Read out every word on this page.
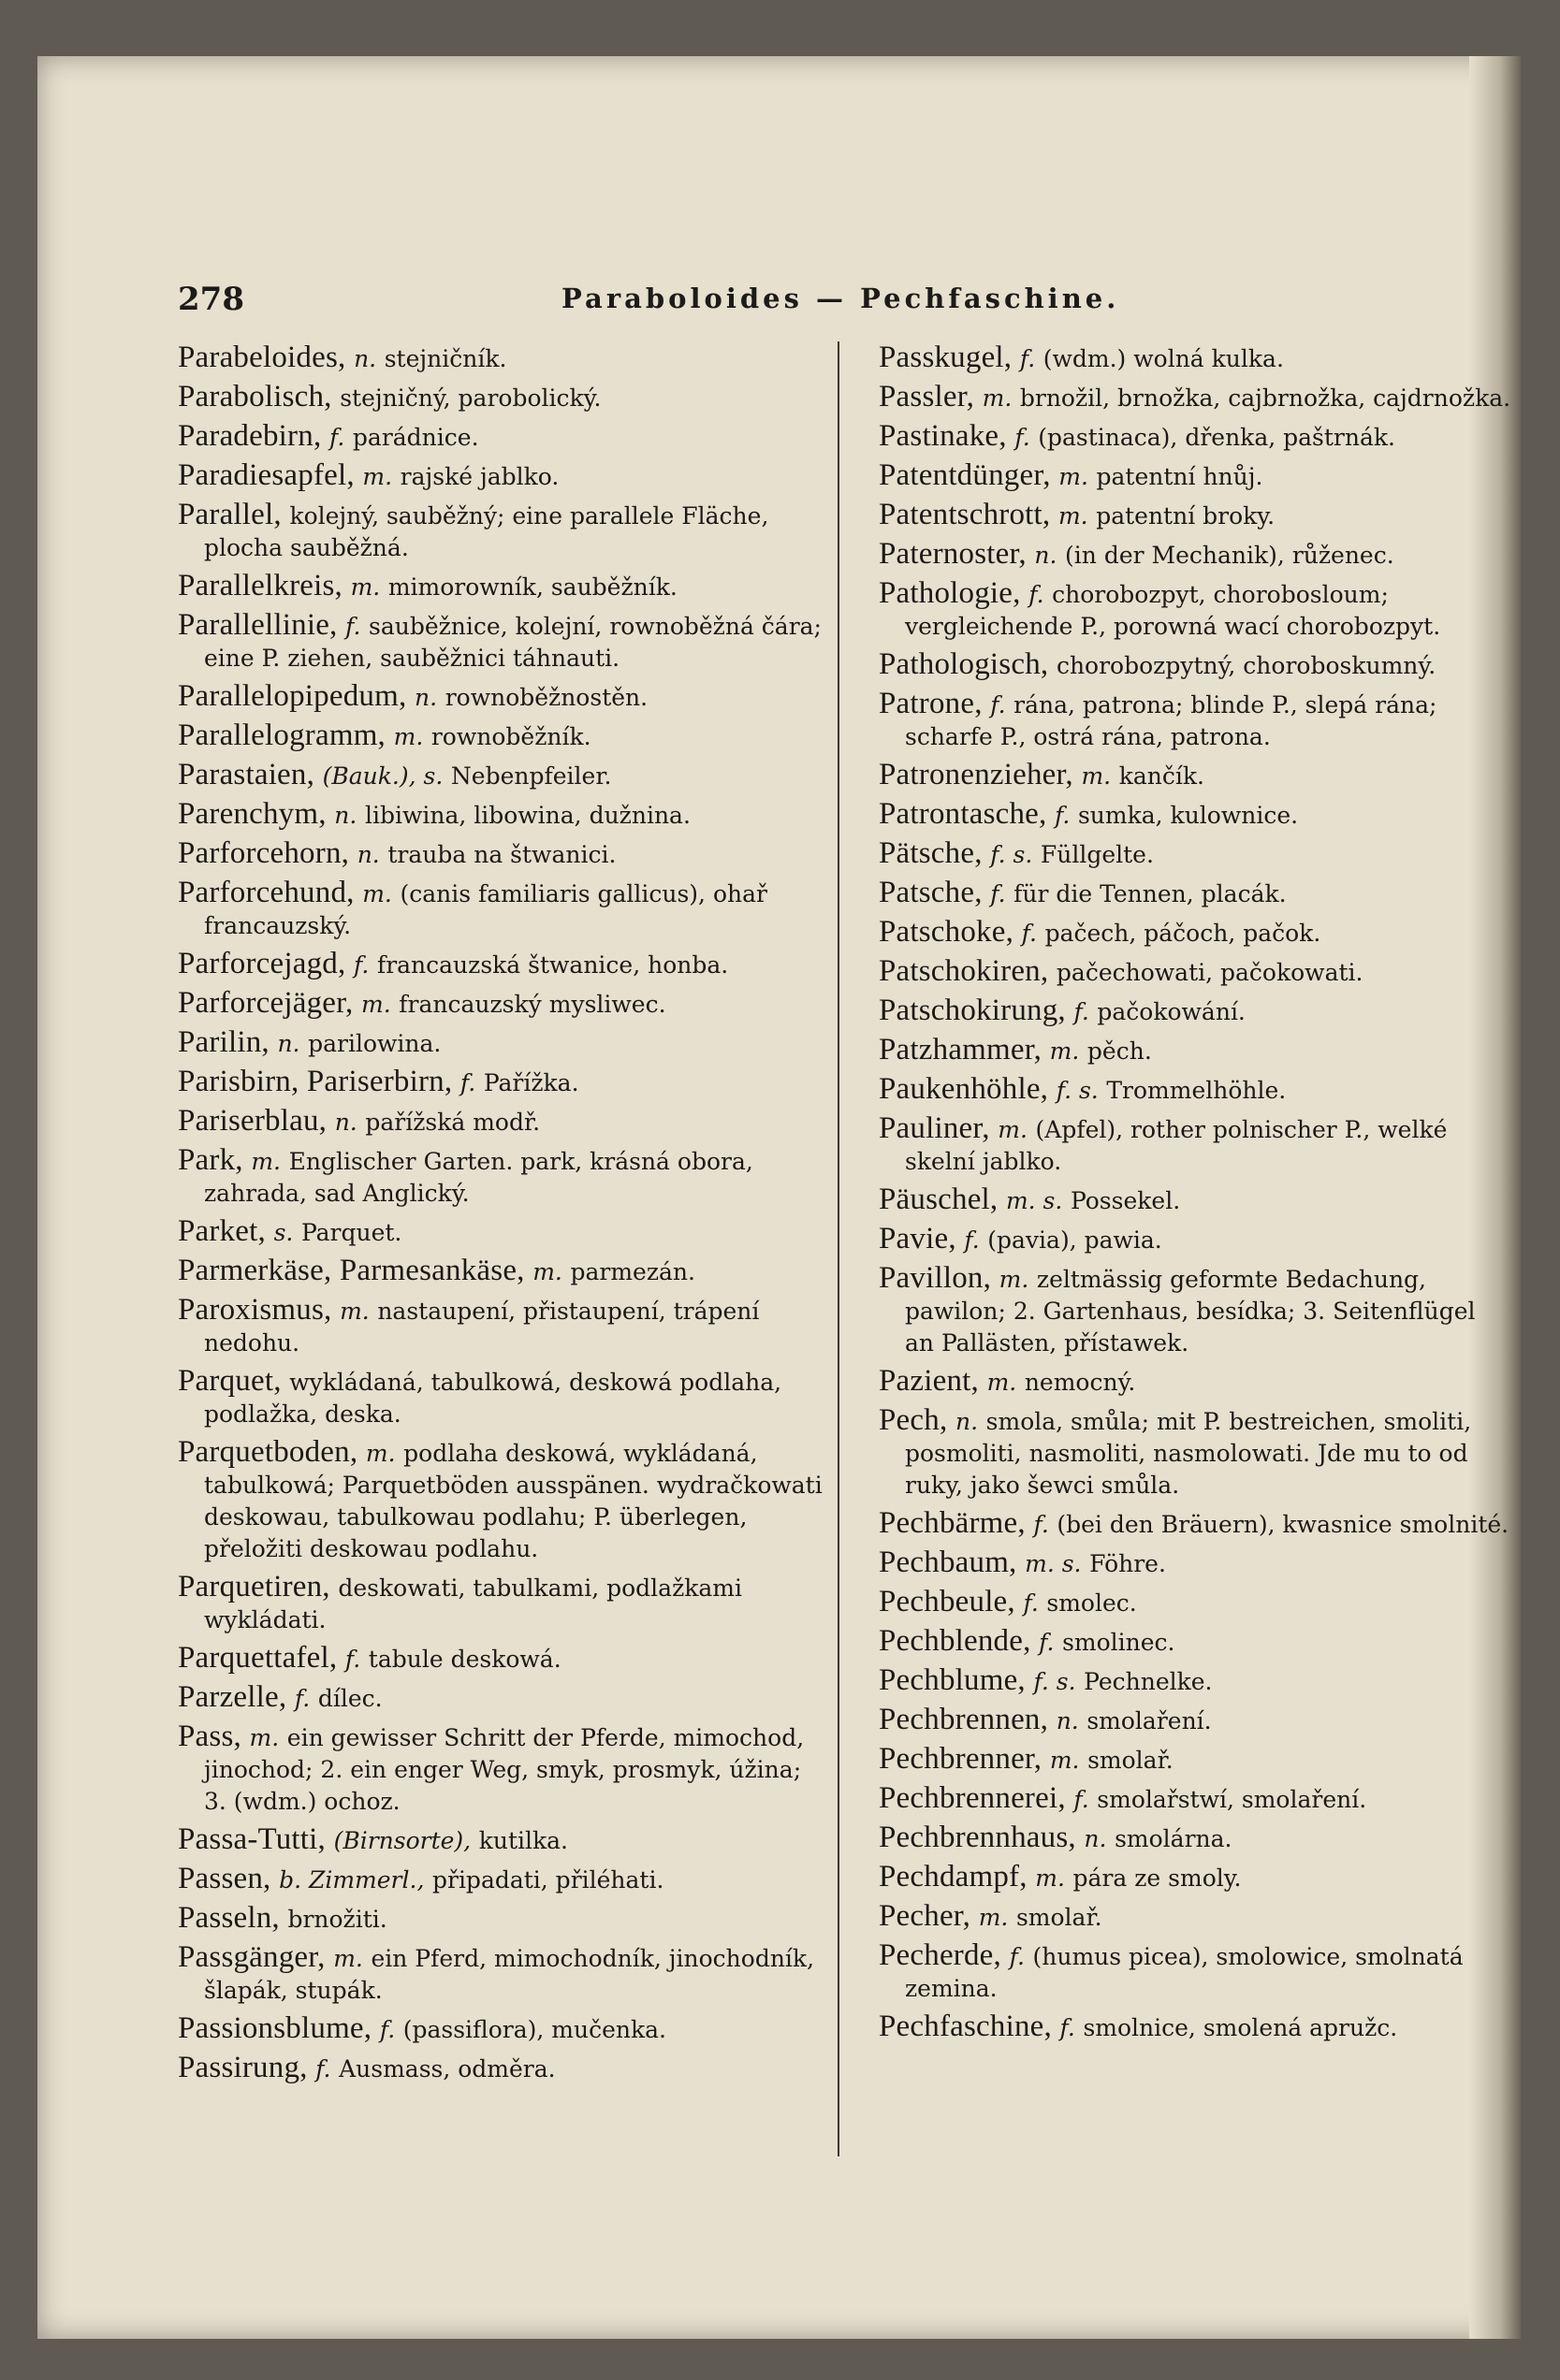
278	Paraboloides — Pechfaschine.
Parabeloides, n. stejničník.
Parabolisch, stejničný, parobolický.
Paradebirn, f. parádnice.
Paradiesapfel, m. rajské jablko.
Parallel, kolejný, sauběžný; eine parallele Fläche, plocha sauběžná.
Parallelkreis, m. mimorowník, sauběžník.
Parallellinie, f. sauběžnice, kolejní, rownoběžná čára; eine P. ziehen, sauběžnici táhnauti.
Parallelopipedum, n. rownoběžnostěn.
Parallelogramm, m. rownoběžník.
Parastaien, (Bauk.), s. Nebenpfeiler.
Parenchym, n. libiwina, libowina, dužnina.
Parforcehorn, n. trauba na štwanici.
Parforcehund, m. (canis familiaris gallicus), ohař francauzský.
Parforcejagd, f. francauzská štwanice, honba.
Parforcejäger, m. francauzský mysliwec.
Parilin, n. parilowina.
Parisbirn, Pariserbirn, f. Pařížka.
Pariserblau, n. pařížská modř.
Park, m. Englischer Garten. park, krásná obora, zahrada, sad Anglický.
Parket, s. Parquet.
Parmerkäse, Parmesankäse, m. parmezán.
Paroxismus, m. nastaupení, přistaupení, trápení nedohu.
Parquet, wykládaná, tabulkowá, deskowá podlaha, podlažka, deska.
Parquetboden, m. podlaha deskowá, wykládaná, tabulkowá; Parquetböden ausspänen. wydračkowati deskowau, tabulkowau podlahu; P. überlegen, přeložiti deskowau podlahu.
Parquetiren, deskowati, tabulkami, podlažkami wykládati.
Parquettafel, f. tabule deskowá.
Parzelle, f. dílec.
Pass, m. ein gewisser Schritt der Pferde, mimochod, jinochod; 2. ein enger Weg, smyk, prosmyk, úžina; 3. (wdm.) ochoz.
Passa-Tutti, (Birnsorte), kutilka.
Passen, b. Zimmerl., připadati, přiléhati.
Passeln, brnožiti.
Passgänger, m. ein Pferd, mimochodník, jinochodník, šlapák, stupák.
Passionsblume, f. (passiflora), mučenka.
Passirung, f. Ausmass, odměra.
Passkugel, f. (wdm.) wolná kulka.
Passler, m. brnožil, brnožka, cajbrnožka, cajdrnožka.
Pastinake, f. (pastinaca), dřenka, paštrnák.
Patentdünger, m. patentní hnůj.
Patentschrott, m. patentní broky.
Paternoster, n. (in der Mechanik), růženec.
Pathologie, f. chorobozpyt, chorobosloum; vergleichende P., porowná wací chorobozpyt.
Pathologisch, chorobozpytný, choroboskumný.
Patrone, f. rána, patrona; blinde P., slepá rána; scharfe P., ostrá rána, patrona.
Patronenzieher, m. kančík.
Patrontasche, f. sumka, kulownice.
Pätsche, f. s. Füllgelte.
Patsche, f. für die Tennen, placák.
Patschoke, f. pačech, páčoch, pačok.
Patschokiren, pačechowati, pačokowati.
Patschokirung, f. pačokowání.
Patzhammer, m. pěch.
Paukenhöhle, f. s. Trommelhöhle.
Pauliner, m. (Apfel), rother polnischer P., welké skelní jablko.
Päuschel, m. s. Possekel.
Pavie, f. (pavia), pawia.
Pavillon, m. zeltmässig geformte Bedachung, pawilon; 2. Gartenhaus, besídka; 3. Seitenflügel an Pallästen, přístawek.
Pazient, m. nemocný.
Pech, n. smola, smůla; mit P. bestreichen, smoliti, posmoliti, nasmoliti, nasmolowati. Jde mu to od ruky, jako šewci smůla.
Pechbärme, f. (bei den Bräuern), kwasnice smolnité.
Pechbaum, m. s. Föhre.
Pechbeule, f. smolec.
Pechblende, f. smolinec.
Pechblume, f. s. Pechnelke.
Pechbrennen, n. smolaření.
Pechbrenner, m. smolař.
Pechbrennerei, f. smolařstwí, smolaření.
Pechbrennhaus, n. smolárna.
Pechdampf, m. pára ze smoly.
Pecher, m. smolař.
Pecherde, f. (humus picea), smolowice, smolnatá zemina.
Pechfaschine, f. smolnice, smolená apružc.
